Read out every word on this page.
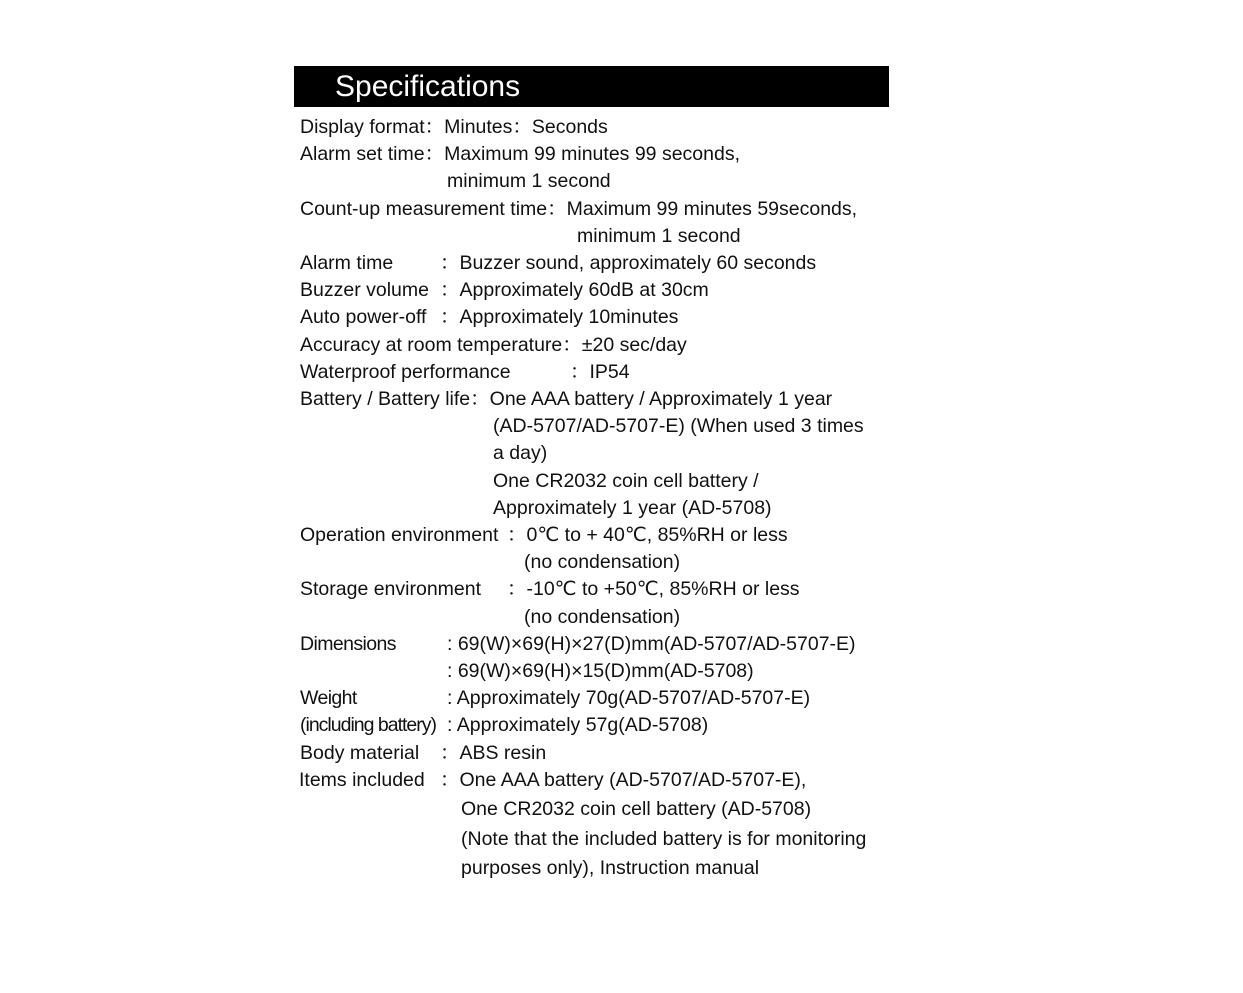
Specifications
Display format：Minutes：Seconds
Alarm set time：Maximum 99 minutes 99 seconds,
minimum 1 second
Count-up measurement time：Maximum 99 minutes 59seconds,
minimum 1 second
Alarm time ：Buzzer sound, approximately 60 seconds
Buzzer volume ：Approximately 60dB at 30cm
Auto power-off ：Approximately 10minutes
Accuracy at room temperature：±20 sec/day
Waterproof performance	：IP54
Battery / Battery life：One AAA battery / Approximately 1 year
(AD-5707/AD-5707-E) (When used 3 times
a day)
One CR2032 coin cell battery /
Approximately 1 year (AD-5708)
Operation environment ：0℃ to + 40℃, 85%RH or less
(no condensation)
Storage environment ：-10℃ to +50℃, 85%RH or less
(no condensation)
Dimensions	: 69(W)×69(H)×27(D)mm(AD-5707/AD-5707-E)
: 69(W)×69(H)×15(D)mm(AD-5708)
Weight	: Approximately 70g(AD-5707/AD-5707-E)
(including battery) : Approximately 57g(AD-5708)
Body material ：ABS resin
Items included ：One AAA battery (AD-5707/AD-5707-E),
One CR2032 coin cell battery (AD-5708)
(Note that the included battery is for monitoring
purposes only), Instruction manual
